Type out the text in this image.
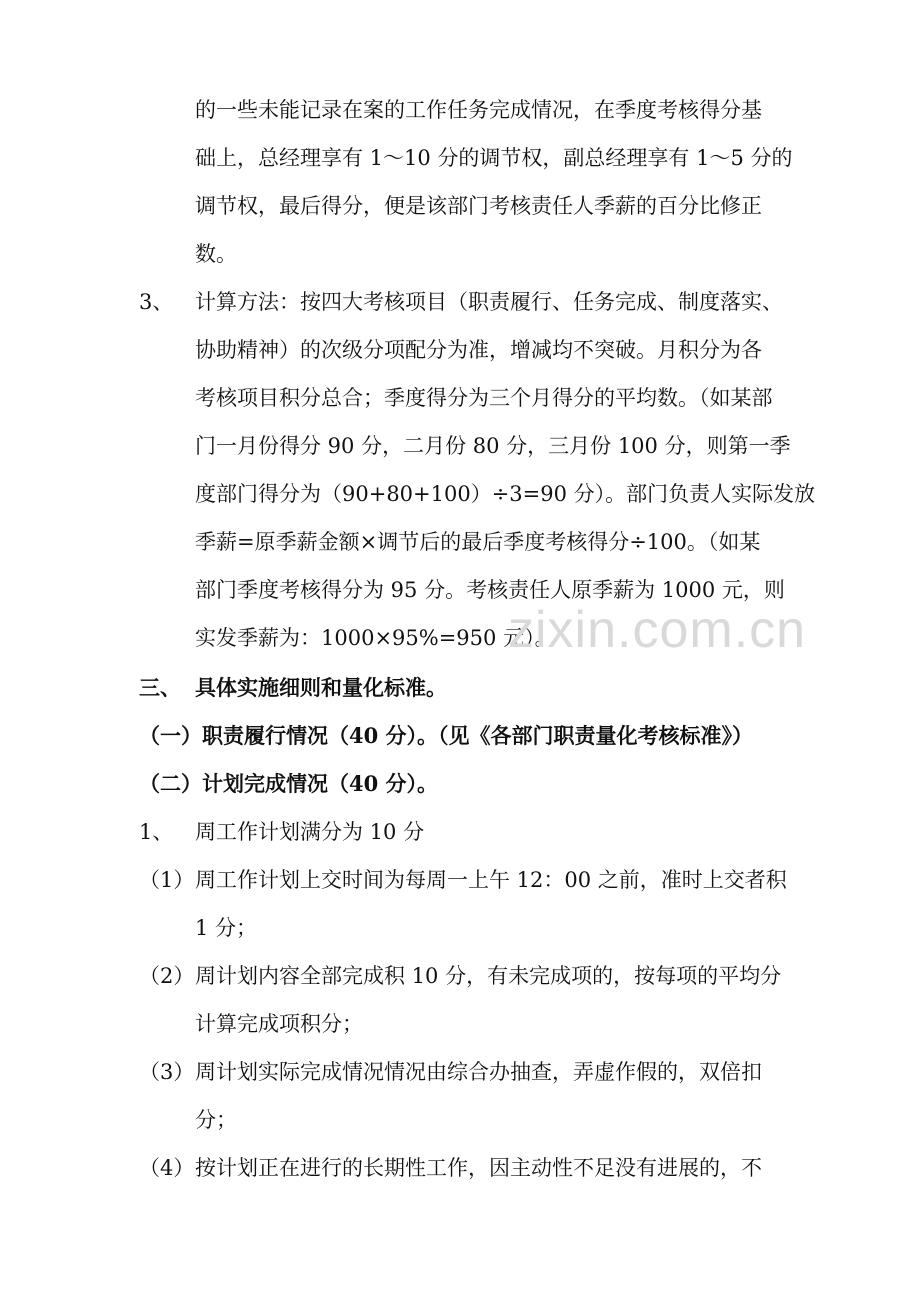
的一些未能记录在案的工作任务完成情况，在季度考核得分基
础上，总经理享有 1～10 分的调节权，副总经理享有 1～5 分的
调节权，最后得分，便是该部门考核责任人季薪的百分比修正
数。
3、 计算方法：按四大考核项目（职责履行、任务完成、制度落实、
协助精神）的次级分项配分为准，增减均不突破。月积分为各
考核项目积分总合；季度得分为三个月得分的平均数。（如某部
门一月份得分 90 分，二月份 80 分，三月份 100 分，则第一季
度部门得分为（90+80+100）÷3=90 分）。部门负责人实际发放
季薪=原季薪金额×调节后的最后季度考核得分÷100。（如某
部门季度考核得分为 95 分。考核责任人原季薪为 1000 元，则
实发季薪为：1000×95%=950 元）。
三、 具体实施细则和量化标准。
（一）职责履行情况（40 分）。（见《各部门职责量化考核标准》）
（二）计划完成情况（40 分）。
1、 周工作计划满分为 10 分
（1） 周工作计划上交时间为每周一上午 12：00 之前，准时上交者积
1 分；
（2） 周计划内容全部完成积 10 分，有未完成项的，按每项的平均分
计算完成项积分；
（3） 周计划实际完成情况情况由综合办抽查，弄虚作假的，双倍扣
分；
（4） 按计划正在进行的长期性工作，因主动性不足没有进展的，不
zixin.com.cn
